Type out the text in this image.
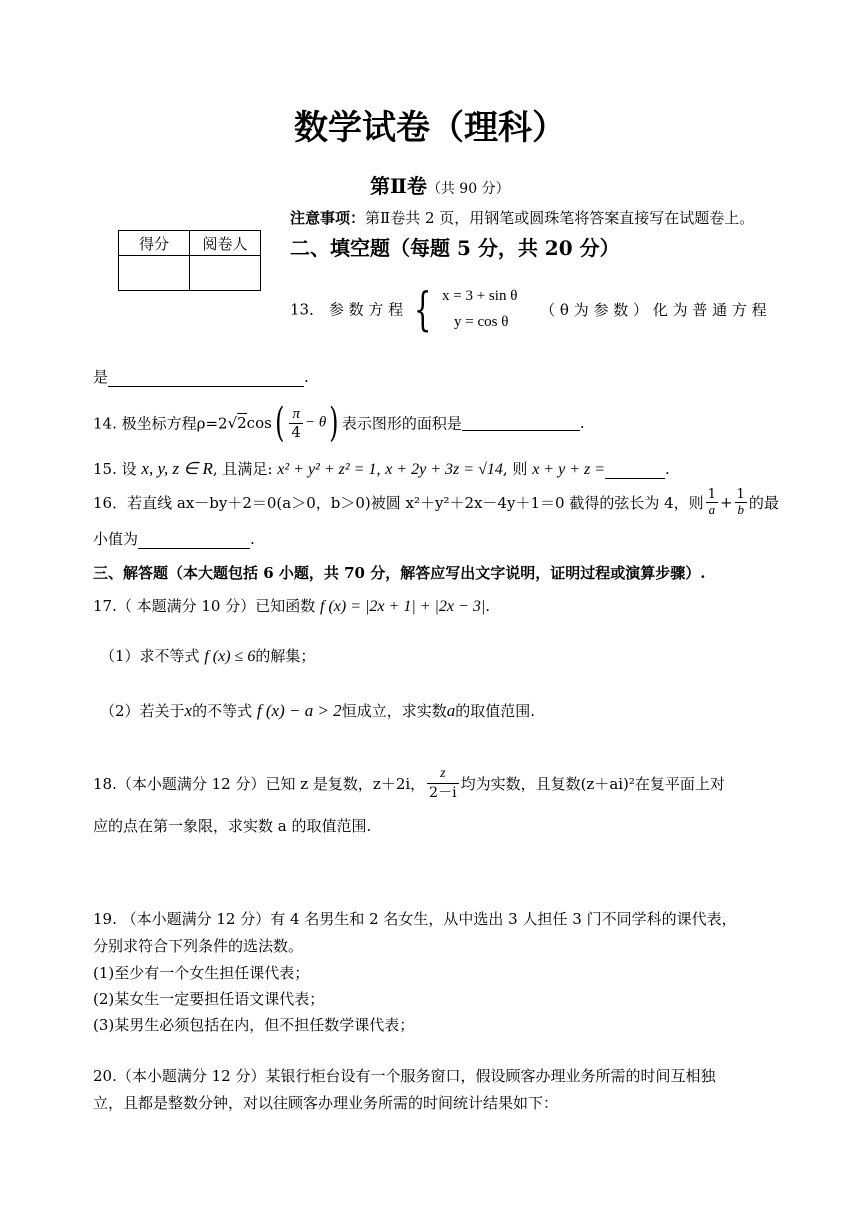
数学试卷（理科）
第Ⅱ卷（共 90 分）
注意事项：第Ⅱ卷共 2 页，用钢笔或圆珠笔将答案直接写在试题卷上。
得分	阅卷人
	二、填空题（每题 5 分，共 20 分）
13． 参 数 方 程 { x = 3 + sin θ
y = cos θ
（ θ 为 参 数 ） 化 为 普 通 方 程
是	.
14. 极坐标方程$\rho=2√2\cos( \frac{\pi}{4} - \theta)$ 表示图形的面积是	.
15. 设 x, y, z ∈ R, 且满足: x² + y² + z² = 1, x + 2y + 3z = √14, 则 x + y + z =	.
16．若直线 ax－by＋2＝0(a＞0，b＞0)被圆 x²＋y²＋2x－4y＋1＝0 截得的弦长为 4，则 $\frac{1}{a} + \frac{1}{b}$ 的最
小值为	.
三、解答题（本大题包括 6 小题，共 70 分，解答应写出文字说明，证明过程或演算步骤）.
17.（ 本题满分 10 分）已知函数 f (x) = |2x + 1| + |2x − 3|.
（1）求不等式 f (x) ≤ 6的解集；
（2）若关于x的不等式 f (x) − a > 2恒成立，求实数a的取值范围.
18.（本小题满分 12 分）已知 z 是复数，z＋2i， $\frac{z}{2-i}$ 均为实数，且复数(z＋ai)²在复平面上对
应的点在第一象限，求实数 a 的取值范围.
19. （本小题满分 12 分）有 4 名男生和 2 名女生，从中选出 3 人担任 3 门不同学科的课代表，
分别求符合下列条件的选法数。
(1)至少有一个女生担任课代表；
(2)某女生一定要担任语文课代表；
(3)某男生必须包括在内，但不担任数学课代表；
20.（本小题满分 12 分）某银行柜台设有一个服务窗口，假设顾客办理业务所需的时间互相独
立，且都是整数分钟，对以往顾客办理业务所需的时间统计结果如下：
